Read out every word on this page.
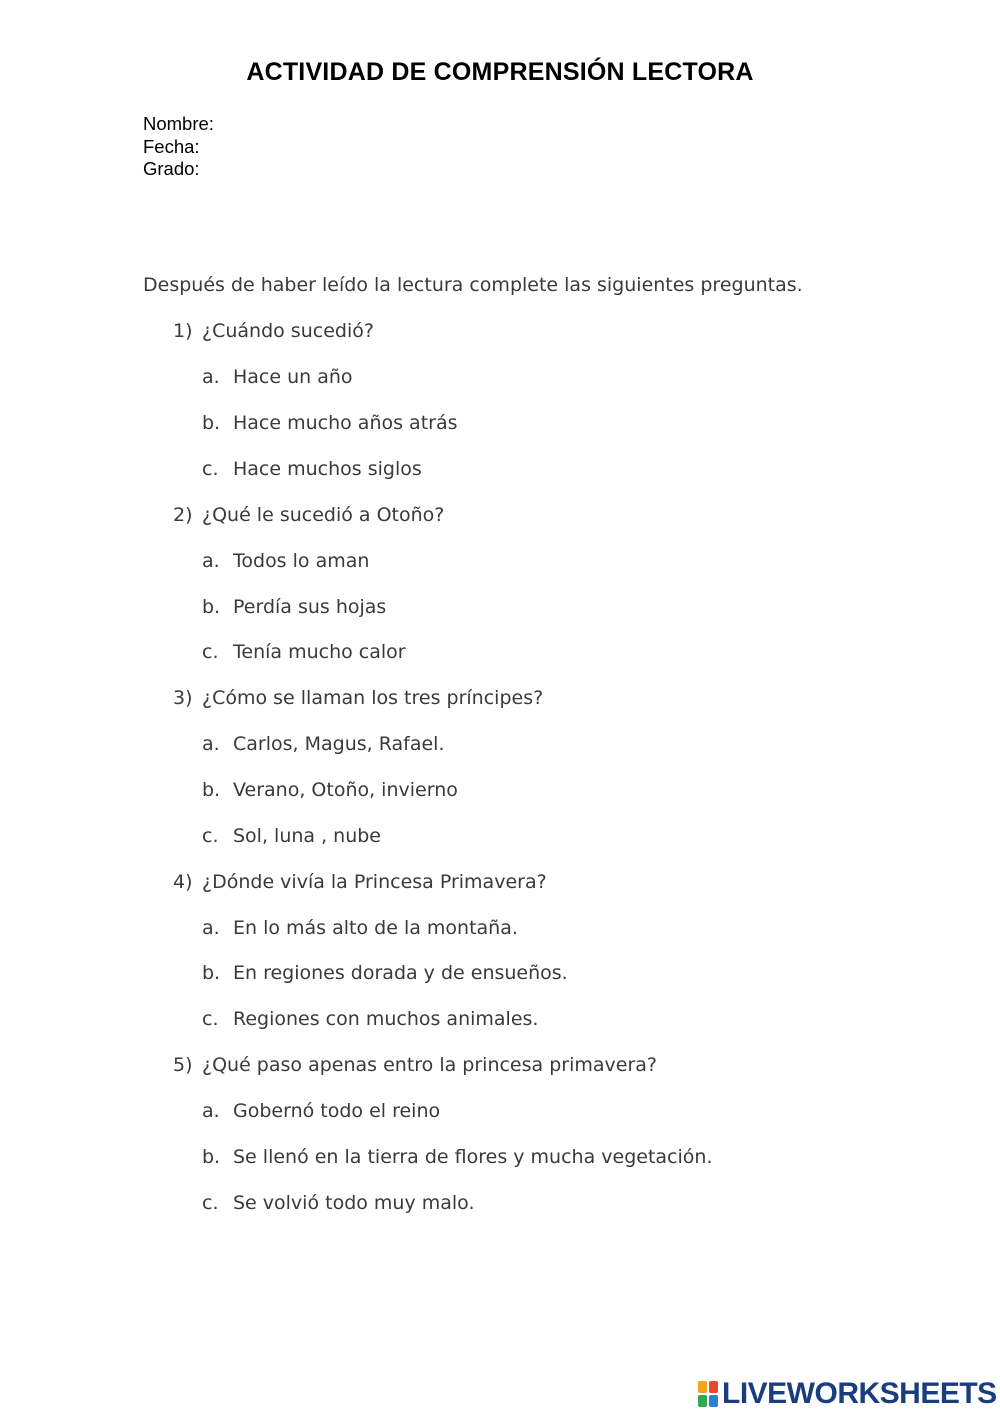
ACTIVIDAD DE COMPRENSIÓN LECTORA
Nombre:
Fecha:
Grado:
Después de haber leído la lectura complete las siguientes preguntas.
1) ¿Cuándo sucedió?
a. Hace un año
b. Hace mucho años atrás
c. Hace muchos siglos
2) ¿Qué le sucedió a Otoño?
a. Todos lo aman
b. Perdía sus hojas
c. Tenía mucho calor
3) ¿Cómo se llaman los tres príncipes?
a. Carlos, Magus, Rafael.
b. Verano, Otoño, invierno
c. Sol, luna , nube
4) ¿Dónde vivía la Princesa Primavera?
a. En lo más alto de la montaña.
b. En regiones dorada y de ensueños.
c. Regiones con muchos animales.
5) ¿Qué paso apenas entro la princesa primavera?
a. Gobernó todo el reino
b. Se llenó en la tierra de flores y mucha vegetación.
c. Se volvió todo muy malo.
LIVEWORKSHEETS
